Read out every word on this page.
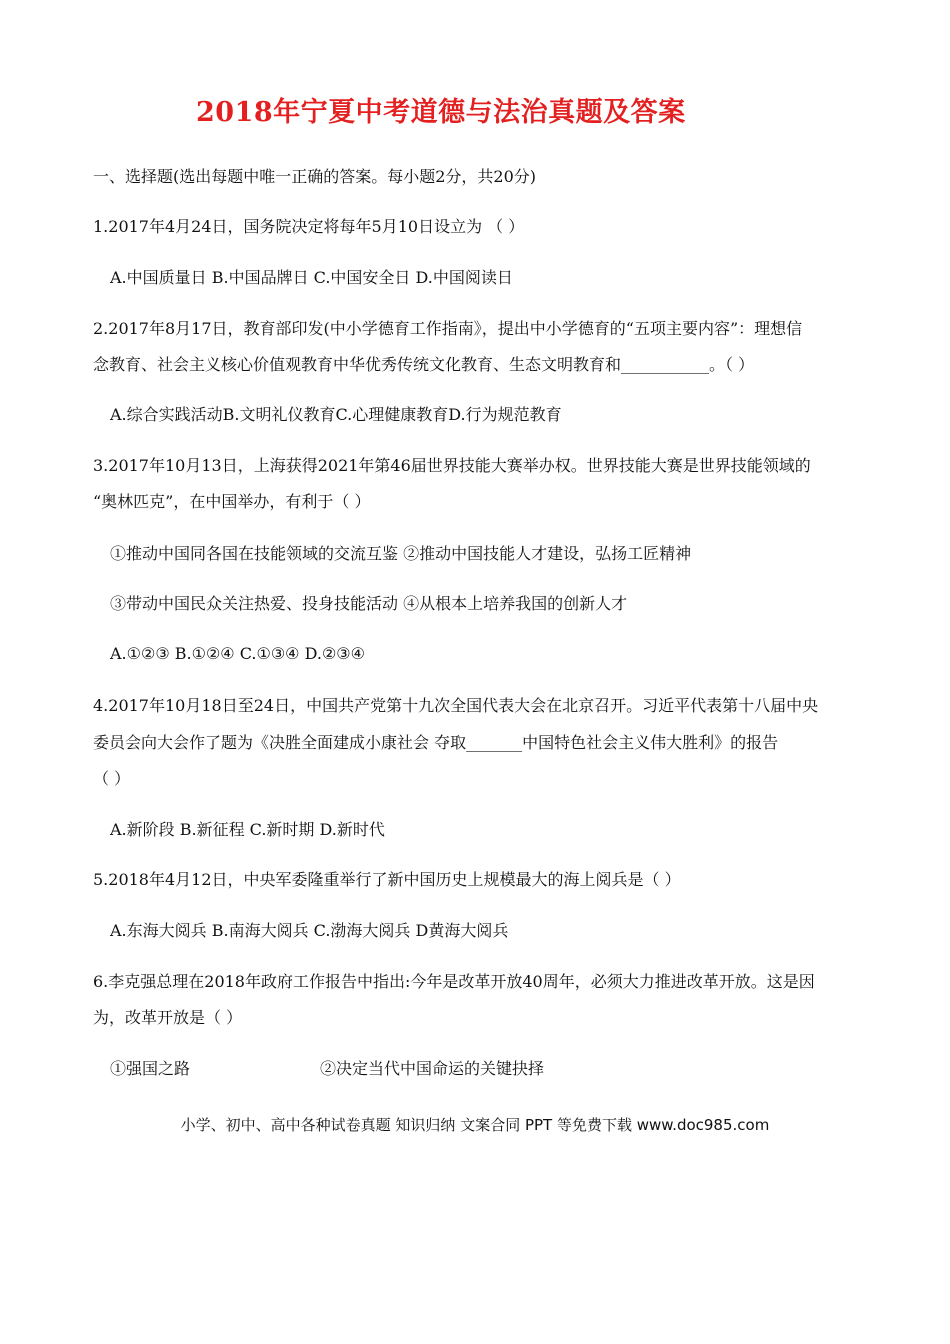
2018年宁夏中考道德与法治真题及答案
一、选择题(选出每题中唯一正确的答案。每小题2分，共20分)
1.2017年4月24日，国务院决定将每年5月10日设立为 （ ）
A.中国质量日 B.中国品牌日 C.中国安全日 D.中国阅读日
2.2017年8月17日，教育部印发(中小学德育工作指南》，提出中小学德育的“五项主要内容”：理想信
念教育、社会主义核心价值观教育中华优秀传统文化教育、生态文明教育和___________。（ ）
A.综合实践活动B.文明礼仪教育C.心理健康教育D.行为规范教育
3.2017年10月13日，上海获得2021年第46届世界技能大赛举办权。世界技能大赛是世界技能领域的
“奥林匹克”，在中国举办，有利于（ ）
①推动中国同各国在技能领域的交流互鉴 ②推动中国技能人才建设，弘扬工匠精神
③带动中国民众关注热爱、投身技能活动 ④从根本上培养我国的创新人才
A.①②③ B.①②④ C.①③④ D.②③④
4.2017年10月18日至24日，中国共产党第十九次全国代表大会在北京召开。习近平代表第十八届中央
委员会向大会作了题为《决胜全面建成小康社会 夺取_______中国特色社会主义伟大胜利》的报告
（ ）
A.新阶段 B.新征程 C.新时期 D.新时代
5.2018年4月12日，中央军委隆重举行了新中国历史上规模最大的海上阅兵是（ ）
A.东海大阅兵 B.南海大阅兵 C.渤海大阅兵 D黄海大阅兵
6.李克强总理在2018年政府工作报告中指出:今年是改革开放40周年，必须大力推进改革开放。这是因
为，改革开放是（ ）
①强国之路	②决定当代中国命运的关键抉择
小学、初中、高中各种试卷真题 知识归纳 文案合同 PPT 等免费下载 www.doc985.com
